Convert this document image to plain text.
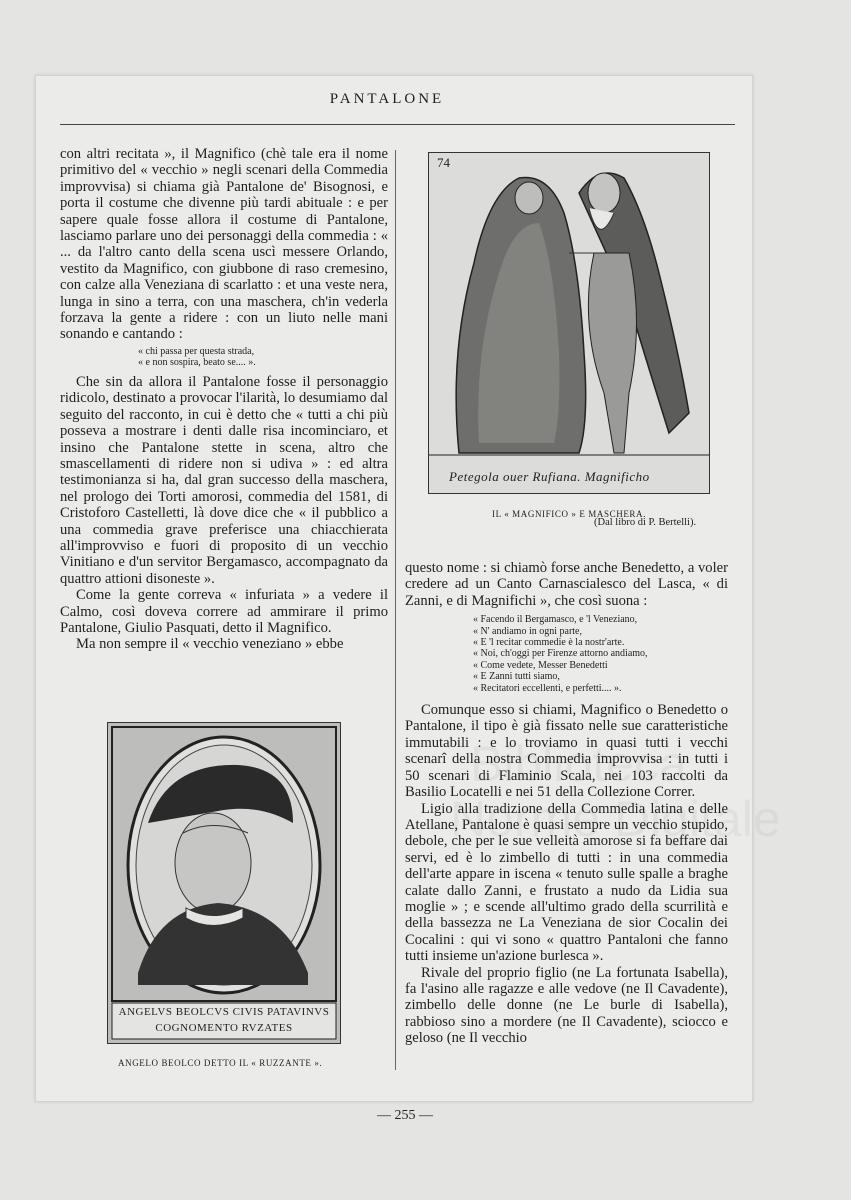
PANTALONE

con altri recitata », il Magnifico (chè tale era il nome primitivo del « vecchio » negli scenari della Commedia improvvisa) si chiama già Pantalone de' Bisognosi, e porta il costume che divenne più tardi abituale : e per sapere quale fosse allora il costume di Pantalone, lasciamo parlare uno dei personaggi della commedia : « ... da l'altro canto della scena uscì messere Orlando, vestito da Magnifico, con giubbone di raso cremesino, con calze alla Veneziana di scarlatto : et una veste nera, lunga in sino a terra, con una maschera, ch'in vederla forzava la gente a ridere : con un liuto nelle mani sonando e cantando :

« chi passa per questa strada,

« e non sospira, beato se.... ».

Che sin da allora il Pantalone fosse il personaggio ridicolo, destinato a provocar l'ilarità, lo desumiamo dal seguito del racconto, in cui è detto che « tutti a chi più posseva a mostrare i denti dalle risa incominciaro, et insino che Pantalone stette in scena, altro che smascellamenti di ridere non si udiva » : ed altra testimonianza si ha, dal gran successo della maschera, nel prologo dei Torti amorosi, commedia del 1581, di Cristoforo Castelletti, là dove dice che « il pubblico a una commedia grave preferisce una chiacchierata all'improvviso e fuori di proposito di un vecchio Vinitiano e d'un servitor Bergamasco, accompagnato da quattro attioni disoneste ».

Come la gente correva « infuriata » a vedere il Calmo, così doveva correre ad ammirare il primo Pantalone, Giulio Pasquati, detto il Magnifico.

Ma non sempre il « vecchio veneziano » ebbe

74
Petegola ouer Rufiana. Magnificho
IL « MAGNIFICO » E MASCHERA.
(Dal libro di P. Bertelli).

questo nome : si chiamò forse anche Benedetto, a voler credere ad un Canto Carnascialesco del Lasca, « di Zanni, e di Magnifichi », che così suona :

« Facendo il Bergamasco, e 'l Veneziano,

« N' andiamo in ogni parte,

« E 'l recitar commedie è la nostr'arte.

« Noi, ch'oggi per Firenze attorno andiamo,

« Come vedete, Messer Benedetti

« E Zanni tutti siamo,

« Recitatori eccellenti, e perfetti.... ».

Comunque esso si chiami, Magnifico o Benedetto o Pantalone, il tipo è già fissato nelle sue caratteristiche immutabili : e lo troviamo in quasi tutti i vecchi scenarî della nostra Commedia improvvisa : in tutti i 50 scenari di Flaminio Scala, nei 103 raccolti da Basilio Locatelli e nei 51 della Collezione Correr.

Ligio alla tradizione della Commedia latina e delle Atellane, Pantalone è quasi sempre un vecchio stupido, debole, che per le sue velleità amorose si fa beffare dai servi, ed è lo zimbello di tutti : in una commedia dell'arte appare in iscena « tenuto sulle spalle a braghe calate dallo Zanni, e frustato a nudo da Lidia sua moglie » ; e scende all'ultimo grado della scurrilità e della bassezza ne La Veneziana de sior Cocalin dei Cocalini : qui vi sono « quattro Pantaloni che fanno tutti insieme un'azione burlesca ».

Rivale del proprio figlio (ne La fortunata Isabella), fa l'asino alle ragazze e alle vedove (ne Il Cavadente), zimbello delle donne (ne Le burle di Isabella), rabbioso sino a mordere (ne Il Cavadente), sciocco e geloso (ne Il vecchio

ANGELVS BEOLCVS CIVIS PATAVINVS
COGNOMENTO RVZATES
ANGELO BEOLCO DETTO IL « RUZZANTE ».
— 255 —
